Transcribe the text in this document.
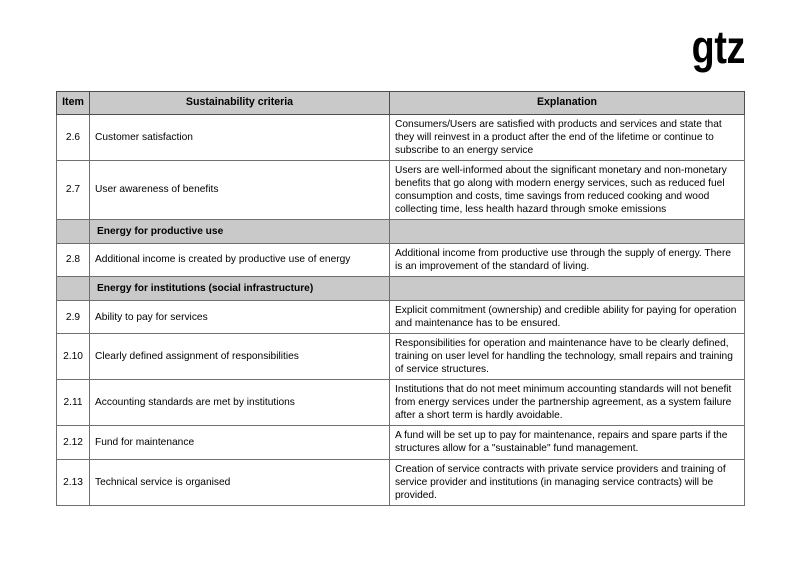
gtz
Item	Sustainability criteria	Explanation
2.6	Customer satisfaction	Consumers/Users are satisfied with products and services and state that they will reinvest in a product after the end of the lifetime or continue to subscribe to an energy service
2.7	User awareness of benefits	Users are well-informed about the significant monetary and non-monetary benefits that go along with modern energy services, such as reduced fuel consumption and costs, time savings from reduced cooking and wood collecting time, less health hazard through smoke emissions
	Energy for productive use	
2.8	Additional income is created by productive use of energy	Additional income from productive use through the supply of energy. There is an improvement of the standard of living.
	Energy for institutions (social infrastructure)	
2.9	Ability to pay for services	Explicit commitment (ownership) and credible ability for paying for operation and maintenance has to be ensured.
2.10	Clearly defined assignment of responsibilities	Responsibilities for operation and maintenance have to be clearly defined, training on user level for handling the technology, small repairs and training of service structures.
2.11	Accounting standards are met by institutions	Institutions that do not meet minimum accounting standards will not benefit from energy services under the partnership agreement, as a system failure after a short term is hardly avoidable.
2.12	Fund for maintenance	A fund will be set up to pay for maintenance, repairs and spare parts if the structures allow for a "sustainable" fund management.
2.13	Technical service is organised	Creation of service contracts with private service providers and training of service provider and institutions (in managing service contracts) will be provided.
